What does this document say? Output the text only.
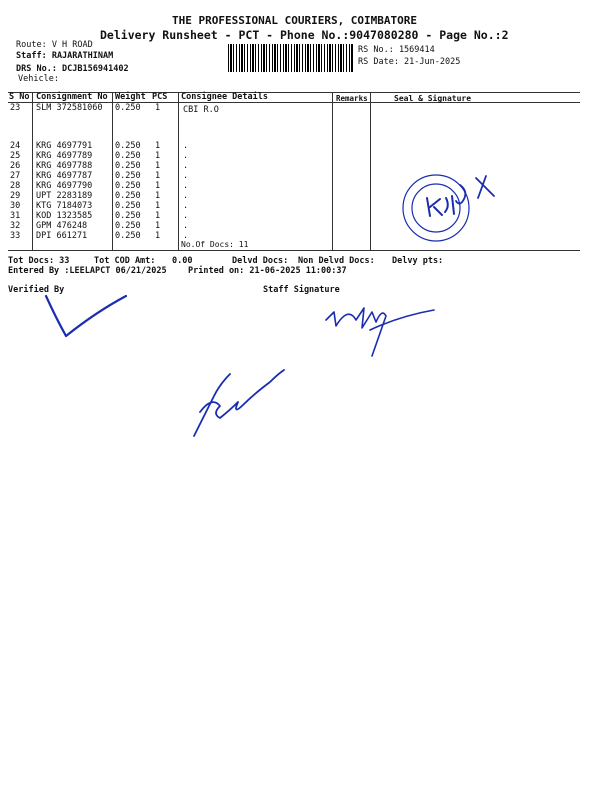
THE PROFESSIONAL COURIERS, COIMBATORE
Delivery Runsheet - PCT - Phone No.:9047080280 - Page No.:2
Route: V H ROAD
Staff: RAJARATHINAM
DRS No.: DCJB156941402
Vehicle:
RS No.: 1569414
RS Date: 21-Jun-2025
S No Consignment No Weight PCS Consignee Details	Remarks	Seal & Signature
23 SLM 372581060 0.250 1	CBI R.O
24 KRG 4697791	0.250 1	.
25 KRG 4697789	0.250 1	.
26 KRG 4697788	0.250 1	.
27 KRG 4697787	0.250 1	.
28 KRG 4697790	0.250 1	.
29 UPT 2283189	0.250 1	.
30 KTG 7184073	0.250 1	.
31 KOD 1323585	0.250 1	.
32 GPM 476248	0.250 1	.
33 DPI 661271	0.250 1	.
No.Of Docs: 11
Tot Docs: 33	Tot COD Amt: 0.00	Delvd Docs: Non Delvd Docs: Delvy pts:
Entered By :LEELAPCT 06/21/2025	Printed on: 21-06-2025 11:00:37
Verified By	Staff Signature
